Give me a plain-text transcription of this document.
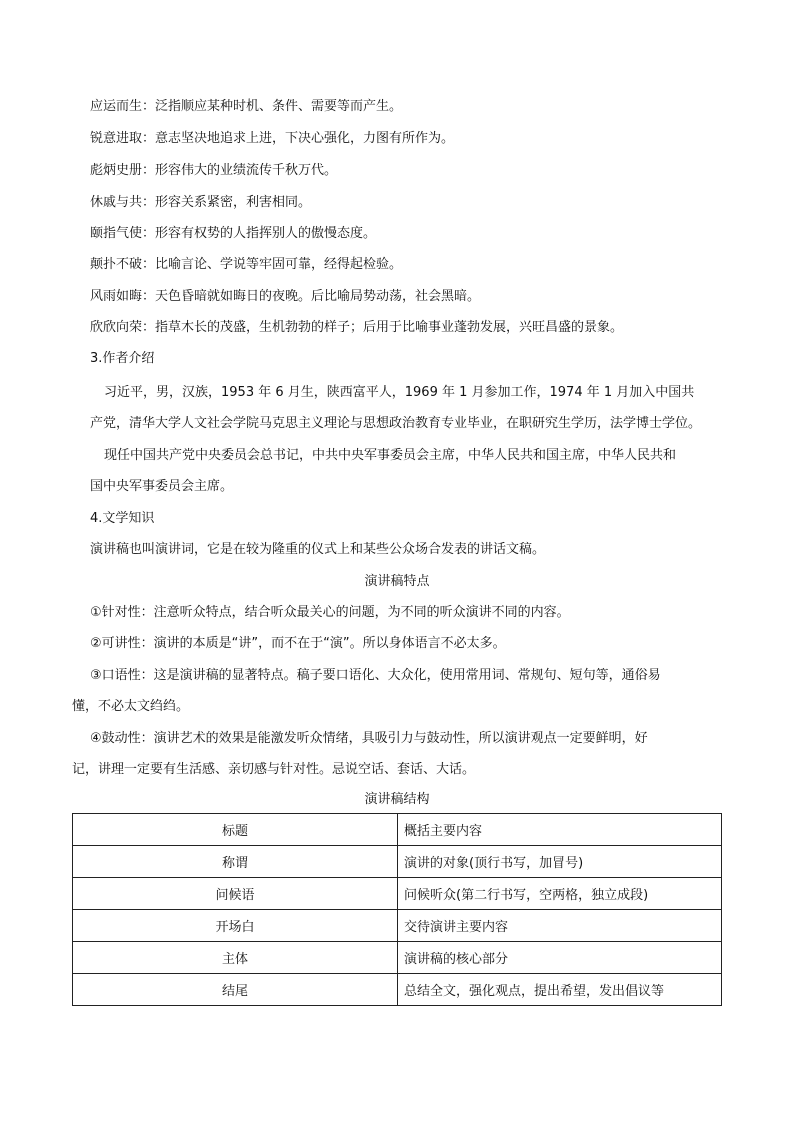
应运而生：泛指顺应某种时机、条件、需要等而产生。
锐意进取：意志坚决地追求上进，下决心强化，力图有所作为。
彪炳史册：形容伟大的业绩流传千秋万代。
休戚与共：形容关系紧密，利害相同。
颐指气使：形容有权势的人指挥别人的傲慢态度。
颠扑不破：比喻言论、学说等牢固可靠，经得起检验。
风雨如晦：天色昏暗就如晦日的夜晚。后比喻局势动荡，社会黑暗。
欣欣向荣：指草木长的茂盛，生机勃勃的样子；后用于比喻事业蓬勃发展，兴旺昌盛的景象。
3.作者介绍
习近平，男，汉族，1953 年 6 月生，陕西富平人，1969 年 1 月参加工作，1974 年 1 月加入中国共
产党，清华大学人文社会学院马克思主义理论与思想政治教育专业毕业，在职研究生学历，法学博士学位。
现任中国共产党中央委员会总书记，中共中央军事委员会主席，中华人民共和国主席，中华人民共和
国中央军事委员会主席。
4.文学知识
演讲稿也叫演讲词，它是在较为隆重的仪式上和某些公众场合发表的讲话文稿。
演讲稿特点
①针对性：注意听众特点，结合听众最关心的问题，为不同的听众演讲不同的内容。
②可讲性：演讲的本质是“讲”，而不在于“演”。所以身体语言不必太多。
③口语性：这是演讲稿的显著特点。稿子要口语化、大众化，使用常用词、常规句、短句等，通俗易
懂，不必太文绉绉。
④鼓动性：演讲艺术的效果是能激发听众情绪，具吸引力与鼓动性，所以演讲观点一定要鲜明，好
记，讲理一定要有生活感、亲切感与针对性。忌说空话、套话、大话。
演讲稿结构
标题	概括主要内容
称谓	演讲的对象(顶行书写，加冒号)
问候语	问候听众(第二行书写，空两格，独立成段)
开场白	交待演讲主要内容
主体	演讲稿的核心部分
结尾	总结全文，强化观点，提出希望，发出倡议等
